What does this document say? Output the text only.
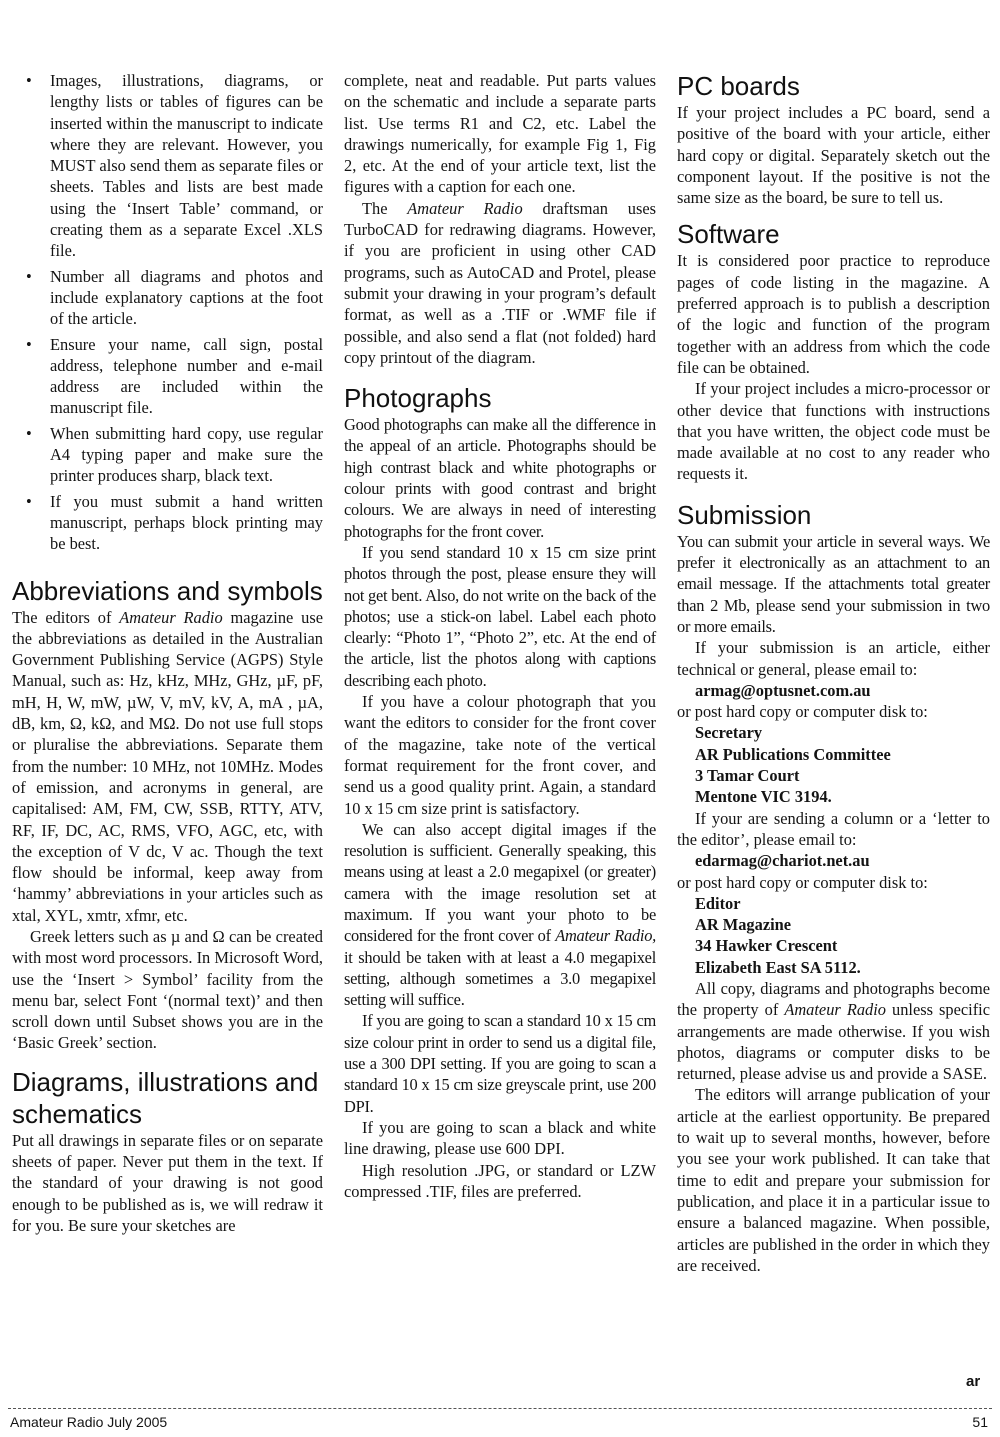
• Images, illustrations, diagrams, or lengthy lists or tables of figures can be inserted within the manuscript to indicate where they are relevant. However, you MUST also send them as separate files or sheets. Tables and lists are best made using the ‘Insert Table’ command, or creating them as a separate Excel .XLS file.
• Number all diagrams and photos and include explanatory captions at the foot of the article.
• Ensure your name, call sign, postal address, telephone number and e-mail address are included within the manuscript file.
• When submitting hard copy, use regular A4 typing paper and make sure the printer produces sharp, black text.
• If you must submit a hand written manuscript, perhaps block printing may be best.
Abbreviations and symbols

The editors of Amateur Radio magazine use the abbreviations as detailed in the Australian Government Publishing Service (AGPS) Style Manual, such as: Hz, kHz, MHz, GHz, µF, pF, mH, H, W, mW, µW, V, mV, kV, A, mA , µA, dB, km, Ω, kΩ, and MΩ. Do not use full stops or pluralise the abbreviations. Separate them from the number: 10 MHz, not 10MHz. Modes of emission, and acronyms in general, are capitalised: AM, FM, CW, SSB, RTTY, ATV, RF, IF, DC, AC, RMS, VFO, AGC, etc, with the exception of V dc, V ac. Though the text flow should be informal, keep away from ‘hammy’ abbreviations in your articles such as xtal, XYL, xmtr, xfmr, etc.

Greek letters such as µ and Ω can be created with most word processors. In Microsoft Word, use the ‘Insert > Symbol’ facility from the menu bar, select Font ‘(normal text)’ and then scroll down until Subset shows you are in the ‘Basic Greek’ section.

Diagrams, illustrations and schematics

Put all drawings in separate files or on separate sheets of paper. Never put them in the text. If the standard of your drawing is not good enough to be published as is, we will redraw it for you. Be sure your sketches are

complete, neat and readable. Put parts values on the schematic and include a separate parts list. Use terms R1 and C2, etc. Label the drawings numerically, for example Fig 1, Fig 2, etc. At the end of your article text, list the figures with a caption for each one.

The Amateur Radio draftsman uses TurboCAD for redrawing diagrams. However, if you are proficient in using other CAD programs, such as AutoCAD and Protel, please submit your drawing in your program’s default format, as well as a .TIF or .WMF file if possible, and also send a flat (not folded) hard copy printout of the diagram.

Photographs

Good photographs can make all the difference in the appeal of an article. Photographs should be high contrast black and white photographs or colour prints with good contrast and bright colours. We are always in need of interesting photographs for the front cover.

If you send standard 10 x 15 cm size print photos through the post, please ensure they will not get bent. Also, do not write on the back of the photos; use a stick-on label. Label each photo clearly: “Photo 1”, “Photo 2”, etc. At the end of the article, list the photos along with captions describing each photo.

If you have a colour photograph that you want the editors to consider for the front cover of the magazine, take note of the vertical format requirement for the front cover, and send us a good quality print. Again, a standard 10 x 15 cm size print is satisfactory.

We can also accept digital images if the resolution is sufficient. Generally speaking, this means using at least a 2.0 megapixel (or greater) camera with the image resolution set at maximum. If you want your photo to be considered for the front cover of Amateur Radio, it should be taken with at least a 4.0 megapixel setting, although sometimes a 3.0 megapixel setting will suffice.

If you are going to scan a standard 10 x 15 cm size colour print in order to send us a digital file, use a 300 DPI setting. If you are going to scan a standard 10 x 15 cm size greyscale print, use 200 DPI.

If you are going to scan a black and white line drawing, please use 600 DPI.

High resolution .JPG, or standard or LZW compressed .TIF, files are preferred.

PC boards

If your project includes a PC board, send a positive of the board with your article, either hard copy or digital. Separately sketch out the component layout. If the positive is not the same size as the board, be sure to tell us.

Software

It is considered poor practice to reproduce pages of code listing in the magazine. A preferred approach is to publish a description of the logic and function of the program together with an address from which the code file can be obtained.

If your project includes a micro-processor or other device that functions with instructions that you have written, the object code must be made available at no cost to any reader who requests it.

Submission

You can submit your article in several ways. We prefer it electronically as an attachment to an email message. If the attachments total greater than 2 Mb, please send your submission in two or more emails.

If your submission is an article, either technical or general, please email to:

armag@optusnet.com.au

or post hard copy or computer disk to:

Secretary

AR Publications Committee

3 Tamar Court

Mentone VIC 3194.

If your are sending a column or a ‘letter to the editor’, please email to:

edarmag@chariot.net.au

or post hard copy or computer disk to:

Editor

AR Magazine

34 Hawker Crescent

Elizabeth East SA 5112.

All copy, diagrams and photographs become the property of Amateur Radio unless specific arrangements are made otherwise. If you wish photos, diagrams or computer disks to be returned, please advise us and provide a SASE.

The editors will arrange publication of your article at the earliest opportunity. Be prepared to wait up to several months, however, before you see your work published. It can take that time to edit and prepare your submission for publication, and place it in a particular issue to ensure a balanced magazine. When possible, articles are published in the order in which they are received.

ar
Amateur Radio July 2005	51
